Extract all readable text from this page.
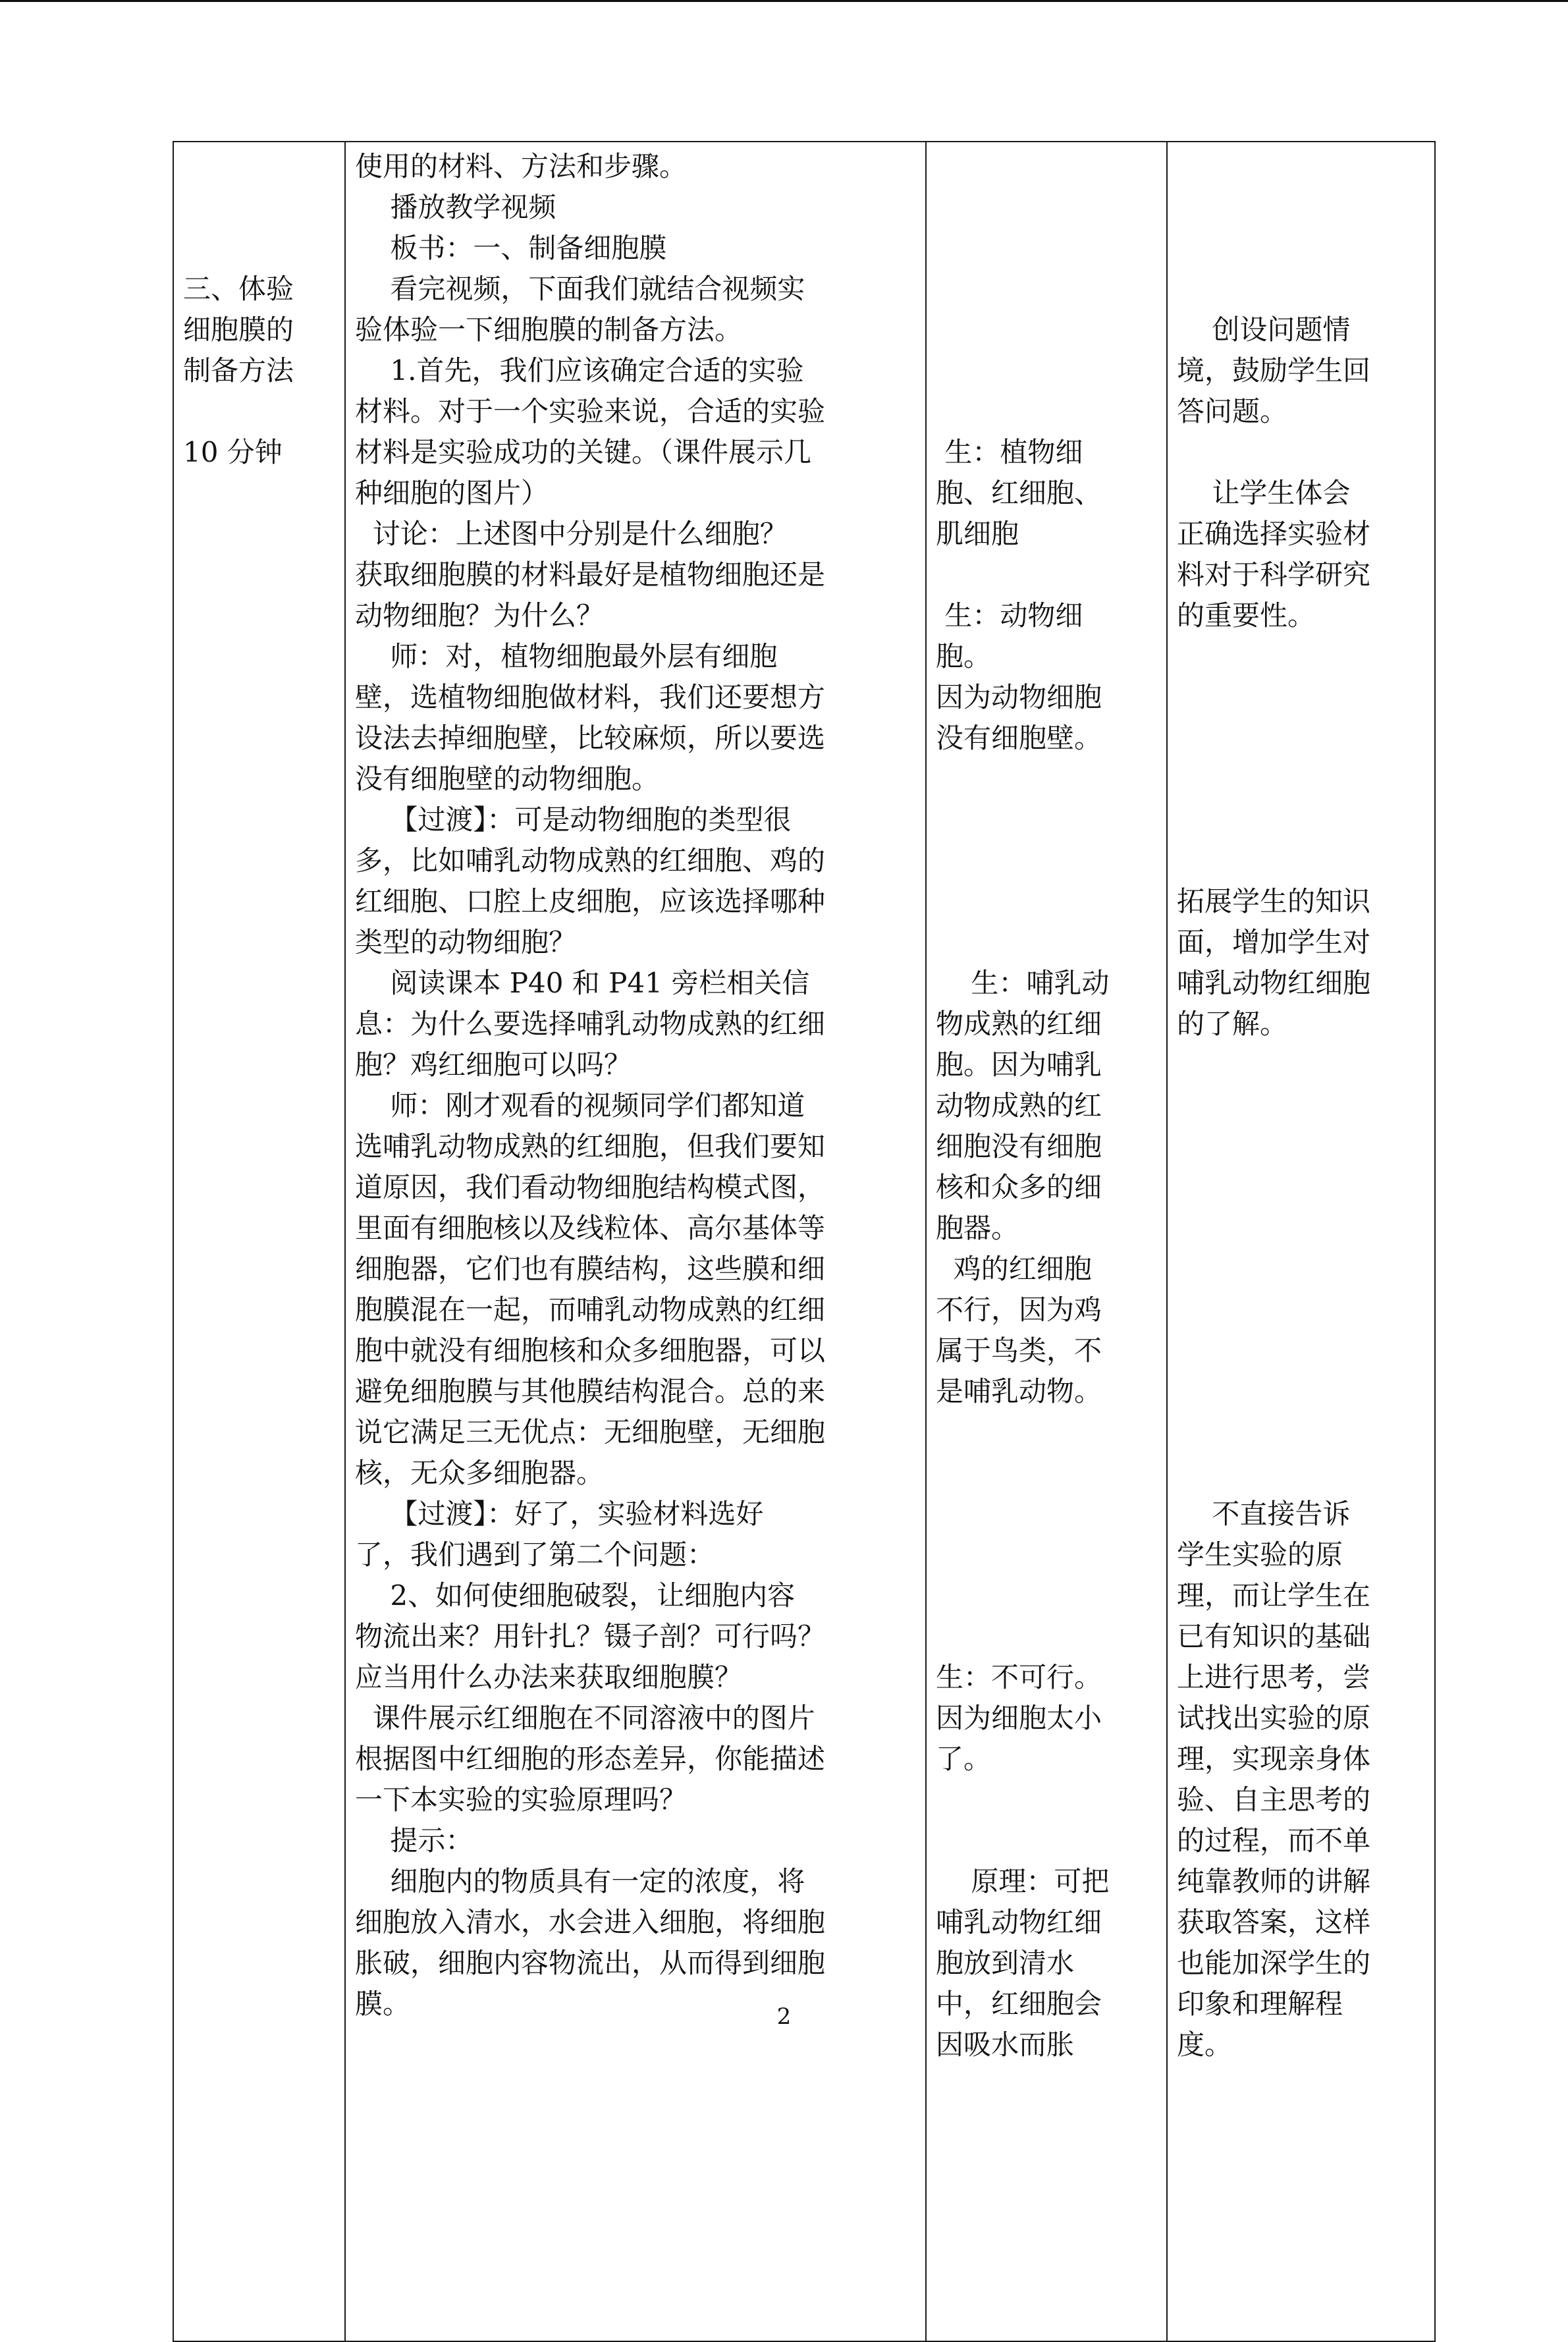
三、体验
细胞膜的
制备方法
10 分钟

使用的材料、方法和步骤。
播放教学视频
板书：一、制备细胞膜
看完视频，下面我们就结合视频实
验体验一下细胞膜的制备方法。
1.首先，我们应该确定合适的实验
材料。对于一个实验来说，合适的实验
材料是实验成功的关键。（课件展示几
种细胞的图片）
讨论：上述图中分别是什么细胞？
获取细胞膜的材料最好是植物细胞还是
动物细胞？为什么？
师：对，植物细胞最外层有细胞
壁，选植物细胞做材料，我们还要想方
设法去掉细胞壁，比较麻烦，所以要选
没有细胞壁的动物细胞。
【过渡】：可是动物细胞的类型很
多，比如哺乳动物成熟的红细胞、鸡的
红细胞、口腔上皮细胞，应该选择哪种
类型的动物细胞？
阅读课本 P40 和 P41 旁栏相关信
息：为什么要选择哺乳动物成熟的红细
胞？鸡红细胞可以吗？
师：刚才观看的视频同学们都知道
选哺乳动物成熟的红细胞，但我们要知
道原因，我们看动物细胞结构模式图，
里面有细胞核以及线粒体、高尔基体等
细胞器，它们也有膜结构，这些膜和细
胞膜混在一起，而哺乳动物成熟的红细
胞中就没有细胞核和众多细胞器，可以
避免细胞膜与其他膜结构混合。总的来
说它满足三无优点：无细胞壁，无细胞
核，无众多细胞器。
【过渡】：好了，实验材料选好
了，我们遇到了第二个问题：
2、如何使细胞破裂，让细胞内容
物流出来？用针扎？镊子剖？可行吗？
应当用什么办法来获取细胞膜？
课件展示红细胞在不同溶液中的图片
根据图中红细胞的形态差异，你能描述
一下本实验的实验原理吗？
提示：
细胞内的物质具有一定的浓度，将
细胞放入清水，水会进入细胞，将细胞
胀破，细胞内容物流出，从而得到细胞
膜。

生：植物细
胞、红细胞、
肌细胞
生：动物细
胞。
因为动物细胞
没有细胞壁。
生：哺乳动
物成熟的红细
胞。因为哺乳
动物成熟的红
细胞没有细胞
核和众多的细
胞器。
鸡的红细胞
不行，因为鸡
属于鸟类，不
是哺乳动物。
生：不可行。
因为细胞太小
了。
原理：可把
哺乳动物红细
胞放到清水
中，红细胞会
因吸水而胀

创设问题情
境，鼓励学生回
答问题。
让学生体会
正确选择实验材
料对于科学研究
的重要性。
拓展学生的知识
面，增加学生对
哺乳动物红细胞
的了解。
不直接告诉
学生实验的原
理，而让学生在
已有知识的基础
上进行思考，尝
试找出实验的原
理，实现亲身体
验、自主思考的
的过程，而不单
纯靠教师的讲解
获取答案，这样
也能加深学生的
印象和理解程
度。
2
